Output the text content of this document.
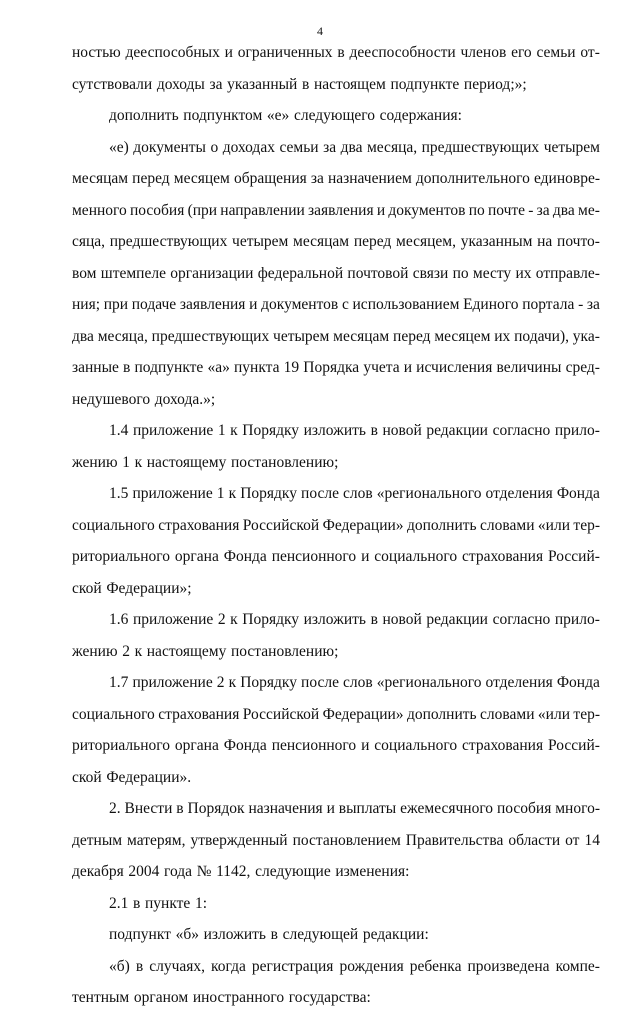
4
ностью дееспособных и ограниченных в дееспособности членов его семьи от-
сутствовали доходы за указанный в настоящем подпункте период;»;
дополнить подпунктом «е» следующего содержания:
«е) документы о доходах семьи за два месяца, предшествующих четырем
месяцам перед месяцем обращения за назначением дополнительного единовре-
менного пособия (при направлении заявления и документов по почте - за два ме-
сяца, предшествующих четырем месяцам перед месяцем, указанным на почто-
вом штемпеле организации федеральной почтовой связи по месту их отправле-
ния; при подаче заявления и документов с использованием Единого портала - за
два месяца, предшествующих четырем месяцам перед месяцем их подачи), ука-
занные в подпункте «а» пункта 19 Порядка учета и исчисления величины сред-
недушевого дохода.»;
1.4 приложение 1 к Порядку изложить в новой редакции согласно прило-
жению 1 к настоящему постановлению;
1.5 приложение 1 к Порядку после слов «регионального отделения Фонда
социального страхования Российской Федерации» дополнить словами «или тер-
риториального органа Фонда пенсионного и социального страхования Россий-
ской Федерации»;
1.6 приложение 2 к Порядку изложить в новой редакции согласно прило-
жению 2 к настоящему постановлению;
1.7 приложение 2 к Порядку после слов «регионального отделения Фонда
социального страхования Российской Федерации» дополнить словами «или тер-
риториального органа Фонда пенсионного и социального страхования Россий-
ской Федерации».
2. Внести в Порядок назначения и выплаты ежемесячного пособия много-
детным матерям, утвержденный постановлением Правительства области от 14
декабря 2004 года № 1142, следующие изменения:
2.1 в пункте 1:
подпункт «б» изложить в следующей редакции:
«б) в случаях, когда регистрация рождения ребенка произведена компе-
тентным органом иностранного государства:
